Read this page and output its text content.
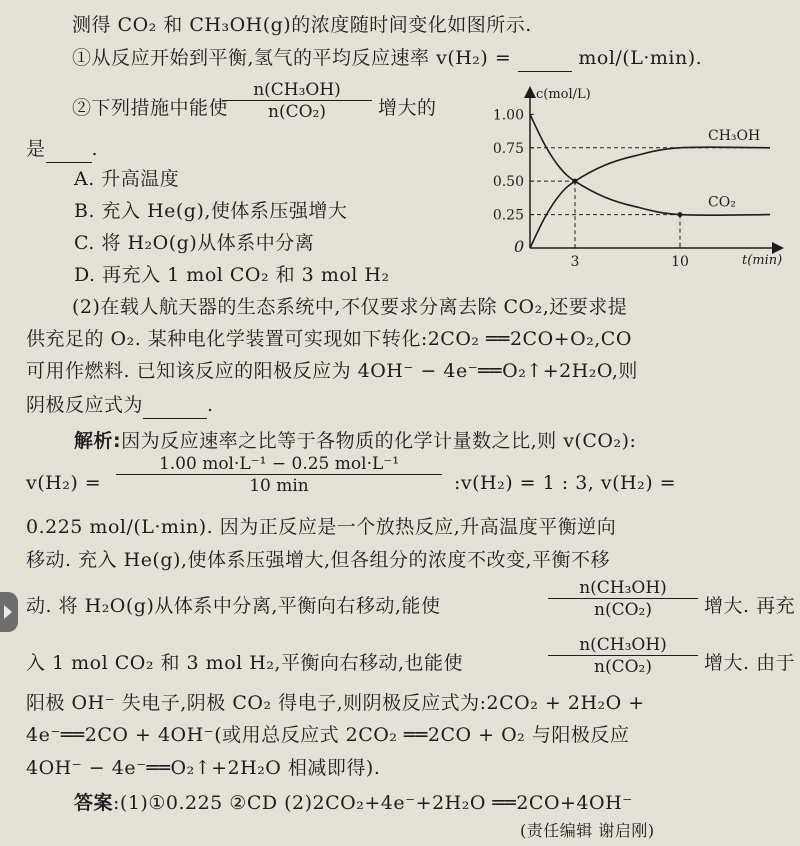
测得 CO₂ 和 CH₃OH(g)的浓度随时间变化如图所示.
①从反应开始到平衡,氢气的平均反应速率 v(H₂) =	mol/(L·min).
②下列措施中能使
n(CH₃OH)
n(CO₂)	增大的
是 .
A. 升高温度
B. 充入 He(g),使体系压强增大
C. 将 H₂O(g)从体系中分离
D. 再充入 1 mol CO₂ 和 3 mol H₂
c(mol/L)
t(min)
0
1.00
0.75
0.50
0.25
3	10
CH₃OH
CO₂
(2)在载人航天器的生态系统中,不仅要求分离去除 CO₂,还要求提
供充足的 O₂. 某种电化学装置可实现如下转化:2CO₂ ══2CO+O₂,CO
可用作燃料. 已知该反应的阳极反应为 4OH⁻ − 4e⁻══O₂↑+2H₂O,则
阴极反应式为	.
解析:因为反应速率之比等于各物质的化学计量数之比,则 v(CO₂):
v(H₂) =
1.00 mol·L⁻¹ − 0.25 mol·L⁻¹
10 min	:v(H₂) = 1 : 3, v(H₂) =
0.225 mol/(L·min). 因为正反应是一个放热反应,升高温度平衡逆向
移动. 充入 He(g),使体系压强增大,但各组分的浓度不改变,平衡不移
动. 将 H₂O(g)从体系中分离,平衡向右移动,能使
n(CH₃OH)
n(CO₂)	增大. 再充
入 1 mol CO₂ 和 3 mol H₂,平衡向右移动,也能使
n(CH₃OH)
n(CO₂)	增大. 由于
阳极 OH⁻ 失电子,阴极 CO₂ 得电子,则阴极反应式为:2CO₂ + 2H₂O +
4e⁻══2CO + 4OH⁻(或用总反应式 2CO₂ ══2CO + O₂ 与阳极反应
4OH⁻ − 4e⁻══O₂↑+2H₂O 相减即得).
答案:(1)①0.225 ②CD (2)2CO₂+4e⁻+2H₂O ══2CO+4OH⁻
(责任编辑 谢启刚)
